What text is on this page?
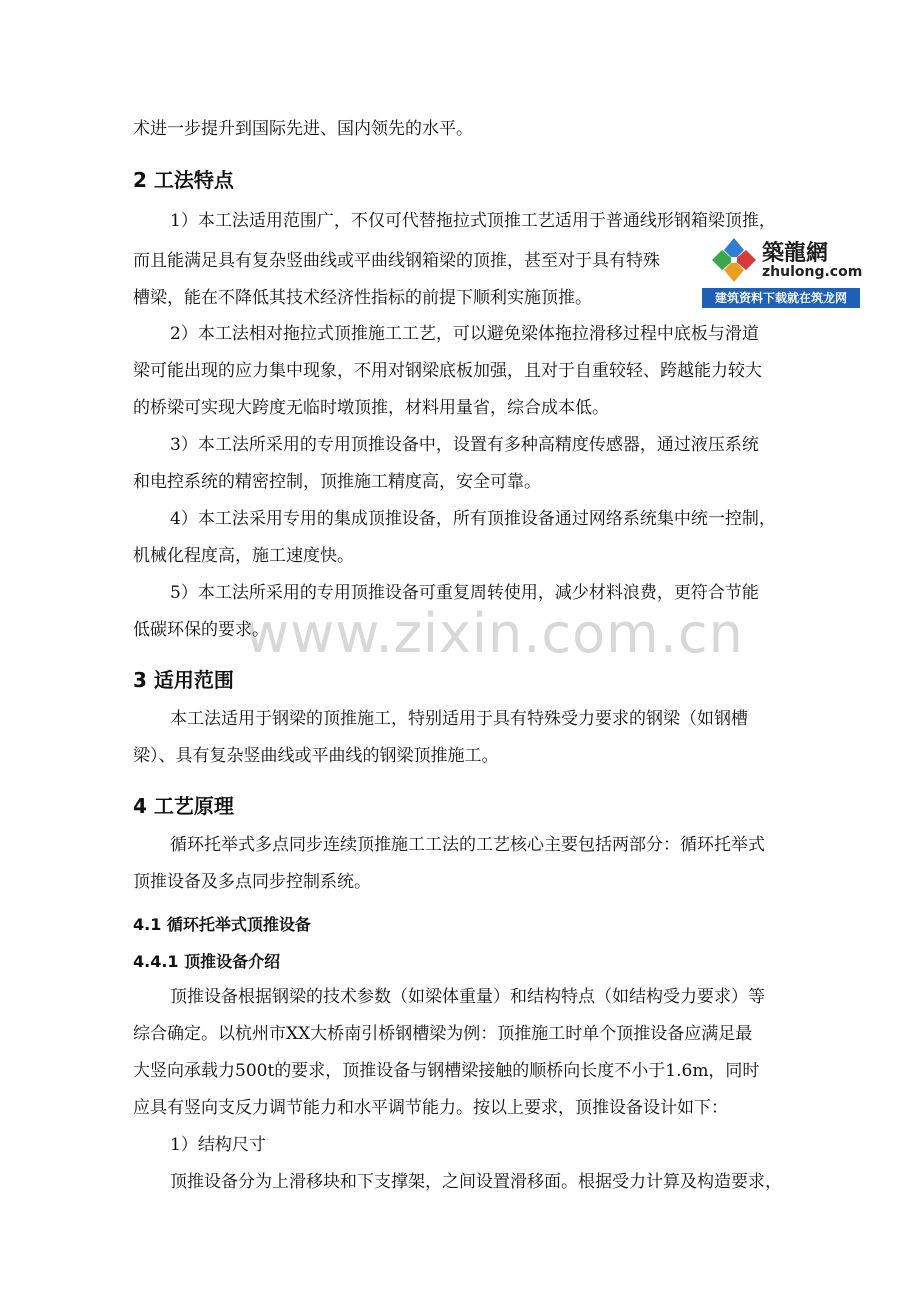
www.zixin.com.cn
术进一步提升到国际先进、国内领先的水平。
2 工法特点
1）本工法适用范围广，不仅可代替拖拉式顶推工艺适用于普通线形钢箱梁顶推，
而且能满足具有复杂竖曲线或平曲线钢箱梁的顶推，甚至对于具有特殊
槽梁，能在不降低其技术经济性指标的前提下顺利实施顶推。
築龍網
zhulong.com
建筑资料下载就在筑龙网
2）本工法相对拖拉式顶推施工工艺，可以避免梁体拖拉滑移过程中底板与滑道
梁可能出现的应力集中现象，不用对钢梁底板加强，且对于自重较轻、跨越能力较大
的桥梁可实现大跨度无临时墩顶推，材料用量省，综合成本低。
3）本工法所采用的专用顶推设备中，设置有多种高精度传感器，通过液压系统
和电控系统的精密控制，顶推施工精度高，安全可靠。
4）本工法采用专用的集成顶推设备，所有顶推设备通过网络系统集中统一控制，
机械化程度高，施工速度快。
5）本工法所采用的专用顶推设备可重复周转使用，减少材料浪费，更符合节能
低碳环保的要求。
3 适用范围
本工法适用于钢梁的顶推施工，特别适用于具有特殊受力要求的钢梁（如钢槽
梁）、具有复杂竖曲线或平曲线的钢梁顶推施工。
4 工艺原理
循环托举式多点同步连续顶推施工工法的工艺核心主要包括两部分：循环托举式
顶推设备及多点同步控制系统。
4.1 循环托举式顶推设备
4.4.1 顶推设备介绍
顶推设备根据钢梁的技术参数（如梁体重量）和结构特点（如结构受力要求）等
综合确定。以杭州市XX大桥南引桥钢槽梁为例：顶推施工时单个顶推设备应满足最
大竖向承载力500t的要求，顶推设备与钢槽梁接触的顺桥向长度不小于1.6m，同时
应具有竖向支反力调节能力和水平调节能力。按以上要求，顶推设备设计如下：
1）结构尺寸
顶推设备分为上滑移块和下支撑架，之间设置滑移面。根据受力计算及构造要求，
